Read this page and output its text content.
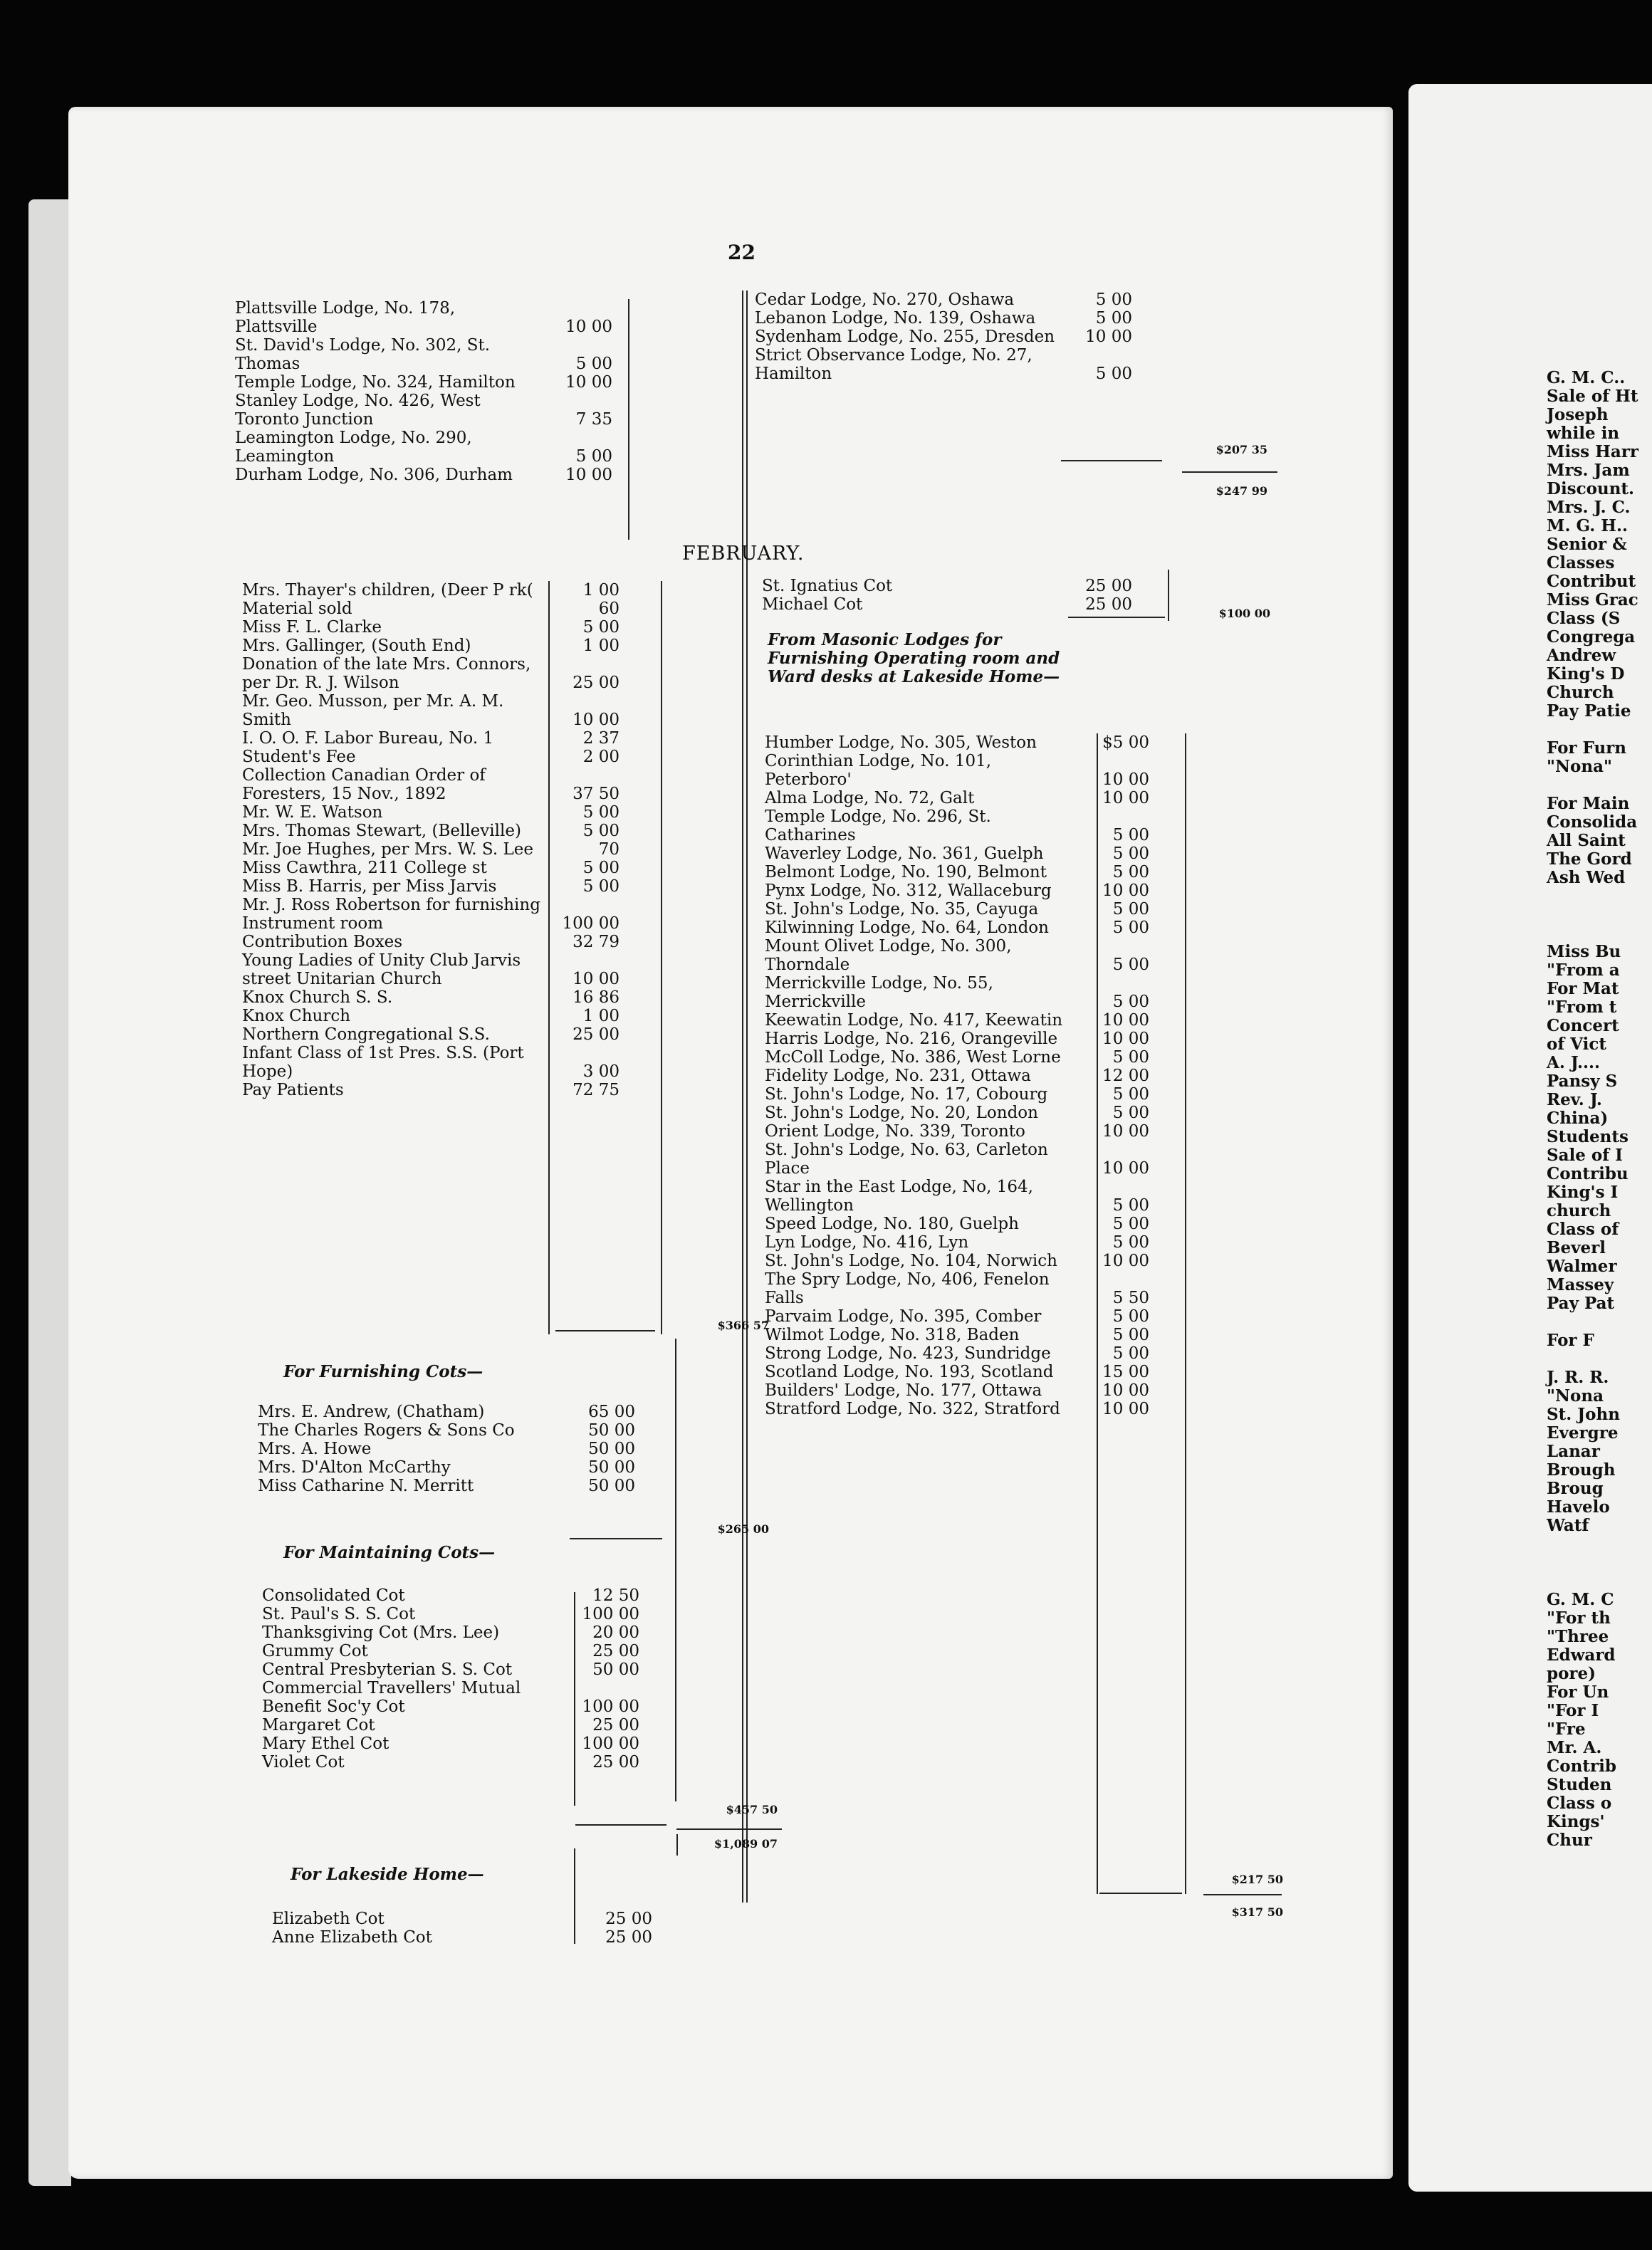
22
Plattsville Lodge, No. 178, Plattsville	10 00
St. David's Lodge, No. 302, St. Thomas	5 00
Temple Lodge, No. 324, Hamilton	10 00
Stanley Lodge, No. 426, West Toronto Junction	7 35
Leamington Lodge, No. 290, Leamington	5 00
Durham Lodge, No. 306, Durham	10 00
Cedar Lodge, No. 270, Oshawa	5 00
Lebanon Lodge, No. 139, Oshawa	5 00
Sydenham Lodge, No. 255, Dresden	10 00
Strict Observance Lodge, No. 27, Hamilton	5 00
$207 35
$247 99
FEBRUARY.
Mrs. Thayer's children, (Deer P rk(	1 00
Material sold	60
Miss F. L. Clarke	5 00
Mrs. Gallinger, (South End)	1 00
Donation of the late Mrs. Connors, per Dr. R. J. Wilson	25 00
Mr. Geo. Musson, per Mr. A. M. Smith	10 00
I. O. O. F. Labor Bureau, No. 1	2 37
Student's Fee	2 00
Collection Canadian Order of Foresters, 15 Nov., 1892	37 50
Mr. W. E. Watson	5 00
Mrs. Thomas Stewart, (Belleville)	5 00
Mr. Joe Hughes, per Mrs. W. S. Lee	70
Miss Cawthra, 211 College st	5 00
Miss B. Harris, per Miss Jarvis	5 00
Mr. J. Ross Robertson for furnishing Instrument room	100 00
Contribution Boxes	32 79
Young Ladies of Unity Club Jarvis street Unitarian Church	10 00
Knox Church S. S.	16 86
Knox Church	1 00
Northern Congregational S.S.	25 00
Infant Class of 1st Pres. S.S. (Port Hope)	3 00
Pay Patients	72 75
$366 57
For Furnishing Cots—
Mrs. E. Andrew, (Chatham)	65 00
The Charles Rogers & Sons Co	50 00
Mrs. A. Howe	50 00
Mrs. D'Alton McCarthy	50 00
Miss Catharine N. Merritt	50 00
$265 00
For Maintaining Cots—
Consolidated Cot	12 50
St. Paul's S. S. Cot	100 00
Thanksgiving Cot (Mrs. Lee)	20 00
Grummy Cot	25 00
Central Presbyterian S. S. Cot	50 00
Commercial Travellers' Mutual Benefit Soc'y Cot	100 00
Margaret Cot	25 00
Mary Ethel Cot	100 00
Violet Cot	25 00
$457 50
$1,089 07
For Lakeside Home—
Elizabeth Cot	25 00
Anne Elizabeth Cot	25 00
St. Ignatius Cot	25 00
Michael Cot	25 00	$100 00
From Masonic Lodges for Furnishing Operating room and Ward desks at Lakeside Home—
Humber Lodge, No. 305, Weston	$5 00
Corinthian Lodge, No. 101, Peterboro'	10 00
Alma Lodge, No. 72, Galt	10 00
Temple Lodge, No. 296, St. Catharines	5 00
Waverley Lodge, No. 361, Guelph	5 00
Belmont Lodge, No. 190, Belmont	5 00
Pynx Lodge, No. 312, Wallaceburg	10 00
St. John's Lodge, No. 35, Cayuga	5 00
Kilwinning Lodge, No. 64, London	5 00
Mount Olivet Lodge, No. 300, Thorndale	5 00
Merrickville Lodge, No. 55, Merrickville	5 00
Keewatin Lodge, No. 417, Keewatin	10 00
Harris Lodge, No. 216, Orangeville	10 00
McColl Lodge, No. 386, West Lorne	5 00
Fidelity Lodge, No. 231, Ottawa	12 00
St. John's Lodge, No. 17, Cobourg	5 00
St. John's Lodge, No. 20, London	5 00
Orient Lodge, No. 339, Toronto	10 00
St. John's Lodge, No. 63, Carleton Place	10 00
Star in the East Lodge, No, 164, Wellington	5 00
Speed Lodge, No. 180, Guelph	5 00
Lyn Lodge, No. 416, Lyn	5 00
St. John's Lodge, No. 104, Norwich	10 00
The Spry Lodge, No, 406, Fenelon Falls	5 50
Parvaim Lodge, No. 395, Comber	5 00
Wilmot Lodge, No. 318, Baden	5 00
Strong Lodge, No. 423, Sundridge	5 00
Scotland Lodge, No. 193, Scotland	15 00
Builders' Lodge, No. 177, Ottawa	10 00
Stratford Lodge, No. 322, Stratford	10 00
$217 50
$317 50
G. M. C..
Sale of Ht
Joseph
while in
Miss Harr
Mrs. Jam
Discount.
Mrs. J. C.
M. G. H..
Senior &
Classes
Contribut
Miss Grac
Class (S
Congrega
Andrew
King's D
Church
Pay Patie
For Furn
"Nona"
For Main
Consolida
All Saint
The Gord
Ash Wed
Miss Bu
"From a
For Mat
"From t
Concert
of Vict
A. J....
Pansy S
Rev. J.
China)
Students
Sale of I
Contribu
King's I
church
Class of
Beverl
Walmer
Massey
Pay Pat
For F
J. R. R.
"Nona
St. John
Evergre
Lanar
Brough
Broug
Havelo
Watf
G. M. C
"For th
"Three
Edward
pore)
For Un
"For I
"Fre
Mr. A.
Contrib
Studen
Class o
Kings'
Chur
